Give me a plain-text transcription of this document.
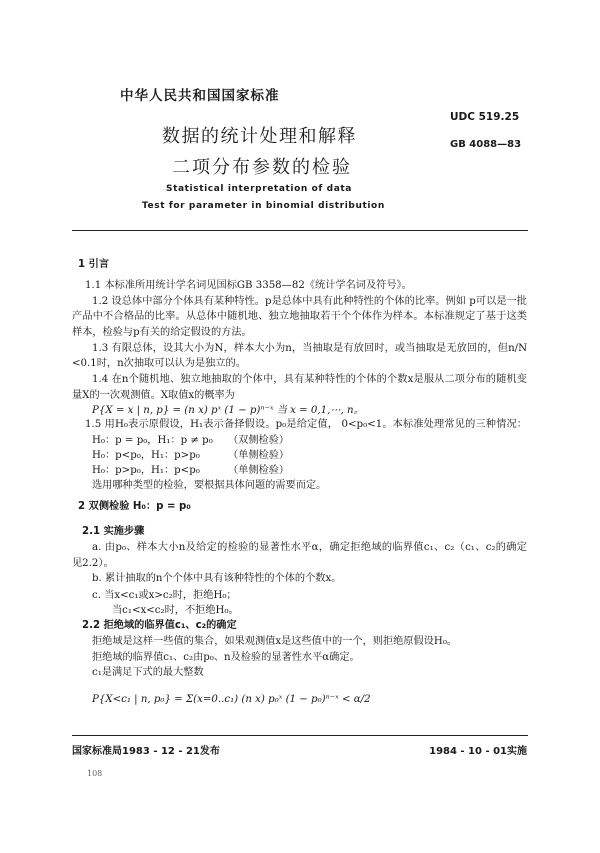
中华人民共和国国家标准
UDC 519.25
数据的统计处理和解释	GB 4088—83
二项分布参数的检验
Statistical interpretation of data
Test for parameter in binomial distribution
1 引言
1.1 本标准所用统计学名词见国标GB 3358—82《统计学名词及符号》。
1.2 设总体中部分个体具有某种特性。p是总体中具有此种特性的个体的比率。例如 p可以是一批
产品中不合格品的比率。从总体中随机地、独立地抽取若干个个体作为样本。本标准规定了基于这类
样本，检验与p有关的给定假设的方法。
1.3 有限总体，设其大小为N，样本大小为n，当抽取是有放回时，或当抽取是无放回的，但n/N
<0.1时，n次抽取可以认为是独立的。
1.4 在n个随机地、独立地抽取的个体中，具有某种特性的个体的个数x是服从二项分布的随机变
量X的一次观测值。X取值x的概率为
P{X = x | n, p} = (n x) pˣ (1 − p)ⁿ⁻ˣ 当 x = 0,1,⋯, n。
1.5 用H₀表示原假设，H₁表示备择假设。p₀是给定值， 0<p₀<1。本标准处理常见的三种情况：
H₀：p = p₀，H₁：p ≠ p₀ （双侧检验）
H₀：p<p₀，H₁：p>p₀	（单侧检验）
H₀：p>p₀，H₁：p<p₀	（单侧检验）
选用哪种类型的检验，要根据具体问题的需要而定。
2 双侧检验 H₀：p = p₀
2.1 实施步骤
a. 由p₀、样本大小n及给定的检验的显著性水平α，确定拒绝域的临界值c₁、c₂（c₁、c₂的确定
见2.2）。
b. 累计抽取的n个个体中具有该种特性的个体的个数x。
c. 当x<c₁或x>c₂时，拒绝H₀；
当c₁<x<c₂时，不拒绝H₀。
2.2 拒绝域的临界值c₁、c₂的确定
拒绝域是这样一些值的集合，如果观测值x是这些值中的一个，则拒绝原假设H₀。
拒绝域的临界值c₁、c₂由p₀、n及检验的显著性水平α确定。
c₁是满足下式的最大整数
P{X<c₁ | n, p₀} = Σ(x=0..c₁) (n x) p₀ˣ (1 − p₀)ⁿ⁻ˣ < α/2
国家标准局1983 - 12 - 21发布	1984 - 10 - 01实施
108
